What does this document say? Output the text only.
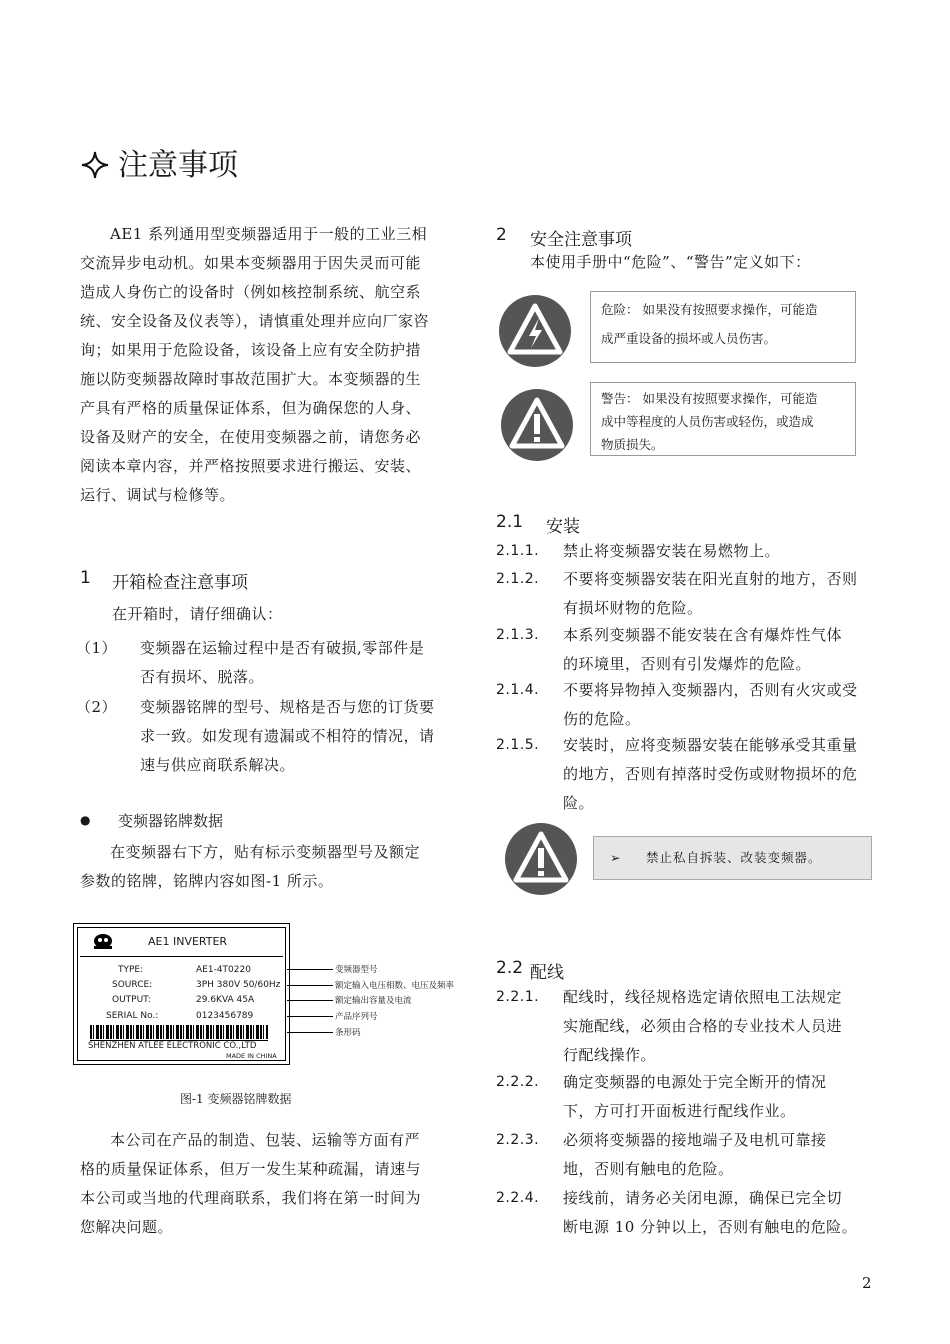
注意事项
AE1 系列通用型变频器适用于一般的工业三相
交流异步电动机。如果本变频器用于因失灵而可能
造成人身伤亡的设备时（例如核控制系统、航空系
统、安全设备及仪表等），请慎重处理并应向厂家咨
询；如果用于危险设备，该设备上应有安全防护措
施以防变频器故障时事故范围扩大。本变频器的生
产具有严格的质量保证体系，但为确保您的人身、
设备及财产的安全，在使用变频器之前，请您务必
阅读本章内容，并严格按照要求进行搬运、安装、
运行、调试与检修等。
1 开箱检查注意事项
在开箱时，请仔细确认：
（1） 变频器在运输过程中是否有破损,零部件是
否有损坏、脱落。
（2） 变频器铭牌的型号、规格是否与您的订货要
求一致。如发现有遗漏或不相符的情况，请
速与供应商联系解决。
● 变频器铭牌数据
在变频器右下方，贴有标示变频器型号及额定
参数的铭牌，铭牌内容如图-1 所示。
AE1 INVERTER
TYPE:	AE1-4T0220
SOURCE:	3PH 380V 50/60Hz
OUTPUT:	29.6KVA 45A
SERIAL No.:	0123456789
SHENZHEN ATLEE ELECTRONIC CO.,LTD
MADE IN CHINA
变频器型号
额定输入电压相数、电压及频率
额定输出容量及电流
产品序列号
条形码
图-1 变频器铭牌数据
本公司在产品的制造、包装、运输等方面有严
格的质量保证体系，但万一发生某种疏漏，请速与
本公司或当地的代理商联系，我们将在第一时间为
您解决问题。
2 安全注意事项
本使用手册中“危险”、“警告”定义如下：
危险： 如果没有按照要求操作，可能造
成严重设备的损坏或人员伤害。
警告： 如果没有按照要求操作，可能造
成中等程度的人员伤害或轻伤，或造成
物质损失。
2.1 安装
2.1.1. 禁止将变频器安装在易燃物上。
2.1.2. 不要将变频器安装在阳光直射的地方，否则
有损坏财物的危险。
2.1.3. 本系列变频器不能安装在含有爆炸性气体
的环境里，否则有引发爆炸的危险。
2.1.4. 不要将异物掉入变频器内，否则有火灾或受
伤的危险。
2.1.5. 安装时，应将变频器安装在能够承受其重量
的地方，否则有掉落时受伤或财物损坏的危
险。
➢ 禁止私自拆装、改装变频器。
2.2 配线
2.2.1. 配线时，线径规格选定请依照电工法规定
实施配线，必须由合格的专业技术人员进
行配线操作。
2.2.2. 确定变频器的电源处于完全断开的情况
下，方可打开面板进行配线作业。
2.2.3. 必须将变频器的接地端子及电机可靠接
地，否则有触电的危险。
2.2.4. 接线前，请务必关闭电源，确保已完全切
断电源 10 分钟以上，否则有触电的危险。
2
